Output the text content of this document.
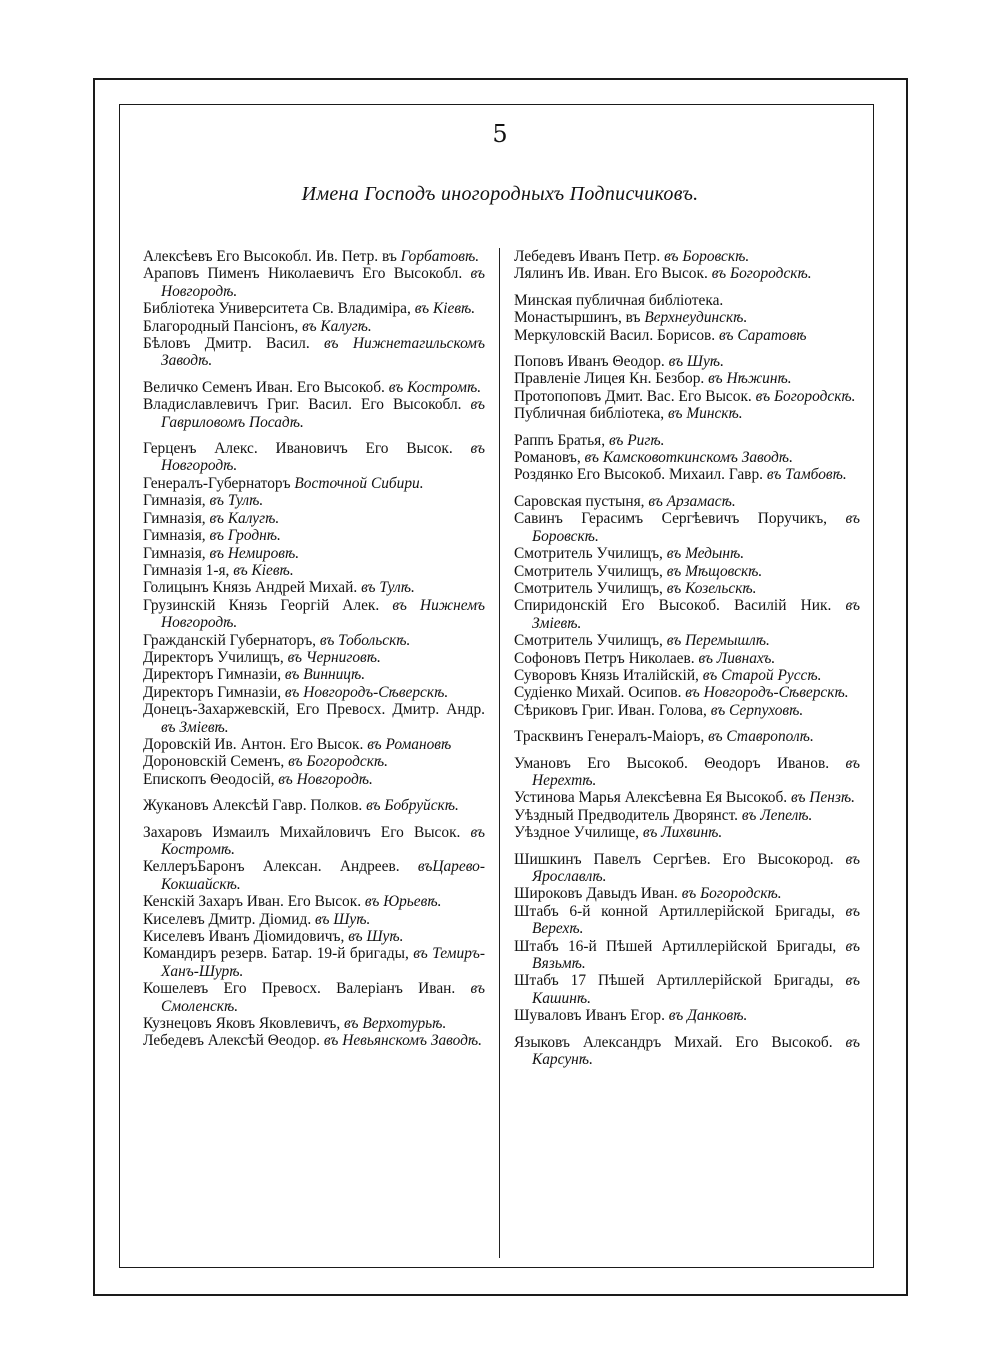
5
Имена Господъ иногородныхъ Подписчиковъ.
Алексѣевъ Его Высокобл. Ив. Петр. въ Горбатовѣ.
Араповъ Пименъ Николаевичъ Его Высокобл. въ Новгородѣ.
Библіотека Университета Св. Владиміра, въ Кіевѣ.
Благородный Пансіонъ, въ Калугѣ.
Бѣловъ Дмитр. Васил. въ Нижнетагильскомъ Заводѣ.
Величко Семенъ Иван. Его Высокоб. въ Костромѣ.
Владиславлевичъ Григ. Васил. Его Высокобл. въ Гавриловомъ Посадѣ.
Герценъ Алекс. Ивановичъ Его Высок. въ Новгородѣ.
Генералъ-Губернаторъ Восточной Сибири.
Гимназія, въ Тулѣ.
Гимназія, въ Калугѣ.
Гимназія, въ Гроднѣ.
Гимназія, въ Немировѣ.
Гимназія 1-я, въ Кіевѣ.
Голицынъ Князь Андрей Михай. въ Тулѣ.
Грузинскій Князь Георгій Алек. въ Нижнемъ Новгородѣ.
Гражданскій Губернаторъ, въ Тобольскѣ.
Директоръ Училищъ, въ Черниговѣ.
Директоръ Гимназіи, въ Винницѣ.
Директоръ Гимназіи, въ Новгородъ-Сѣверскѣ.
Донецъ-Захаржевскій, Его Превосх. Дмитр. Андр. въ Зміевѣ.
Доровскій Ив. Антон. Его Высок. въ Романовѣ
Дороновскій Семенъ, въ Богородскѣ.
Епископъ Θеодосій, въ Новгородѣ.
Жукановъ Алексѣй Гавр. Полков. въ Бобруйскѣ.
Захаровъ Измаилъ Михайловичъ Его Высок. въ Костромѣ.
КеллеръБаронъ Алексан. Андреев. въЦарево-Кокшайскѣ.
Кенскій Захаръ Иван. Его Высок. въ Юрьевѣ.
Киселевъ Дмитр. Діомид. въ Шуѣ.
Киселевъ Иванъ Діомидовичъ, въ Шуѣ.
Командиръ резерв. Батар. 19-й бригады, въ Темиръ-Ханъ-Шурѣ.
Кошелевъ Его Превосх. Валеріанъ Иван. въ Смоленскѣ.
Кузнецовъ Яковъ Яковлевичъ, въ Верхотурьѣ.
Лебедевъ Алексѣй Θеодор. въ Невьянскомъ Заводѣ.
Лебедевъ Иванъ Петр. въ Боровскѣ.
Лялинъ Ив. Иван. Его Высок. въ Богородскѣ.
Минская публичная библіотека.
Монастыршинъ, въ Верхнеудинскѣ.
Меркуловскій Васил. Борисов. въ Саратовѣ
Поповъ Иванъ Θеодор. въ Шуѣ.
Правленіе Лицея Кн. Безбор. въ Нѣжинѣ.
Протопоповъ Дмит. Вас. Его Высок. въ Богородскѣ.
Публичная библіотека, въ Минскѣ.
Раппъ Братья, въ Ригѣ.
Романовъ, въ Камсковоткинскомъ Заводѣ.
Роздянко Его Высокоб. Михаил. Гавр. въ Тамбовѣ.
Саровская пустыня, въ Арзамасѣ.
Савинъ Герасимъ Сергѣевичъ Поручикъ, въ Боровскѣ.
Смотритель Училищъ, въ Медынѣ.
Смотритель Училищъ, въ Мѣщовскѣ.
Смотритель Училищъ, въ Козельскѣ.
Спиридонскій Его Высокоб. Василій Ник. въ Зміевѣ.
Смотритель Училищъ, въ Перемышлѣ.
Софоновъ Петръ Николаев. въ Ливнахъ.
Суворовъ Князь Италійскій, въ Старой Руссѣ.
Судіенко Михай. Осипов. въ Новгородъ-Сѣверскѣ.
Сѣриковъ Григ. Иван. Голова, въ Серпуховѣ.
Трасквинъ Генералъ-Маіоръ, въ Ставрополѣ.
Умановъ Его Высокоб. Θеодоръ Иванов. въ Нерехтѣ.
Устинова Марья Алексѣевна Ея Высокоб. въ Пензѣ.
Уѣздный Предводитель Дворянст. въ Лепелѣ.
Уѣздное Училище, въ Лихвинѣ.
Шишкинъ Павелъ Сергѣев. Его Высокород. въ Ярославлѣ.
Широковъ Давыдъ Иван. въ Богородскѣ.
Штабъ 6-й конной Артиллерійской Бригады, въ Верехѣ.
Штабъ 16-й Пѣшей Артиллерійской Бригады, въ Вязьмѣ.
Штабъ 17 Пѣшей Артиллерійской Бригады, въ Кашинѣ.
Шуваловъ Иванъ Егор. въ Данковѣ.
Языковъ Александръ Михай. Его Высокоб. въ Карсунѣ.
